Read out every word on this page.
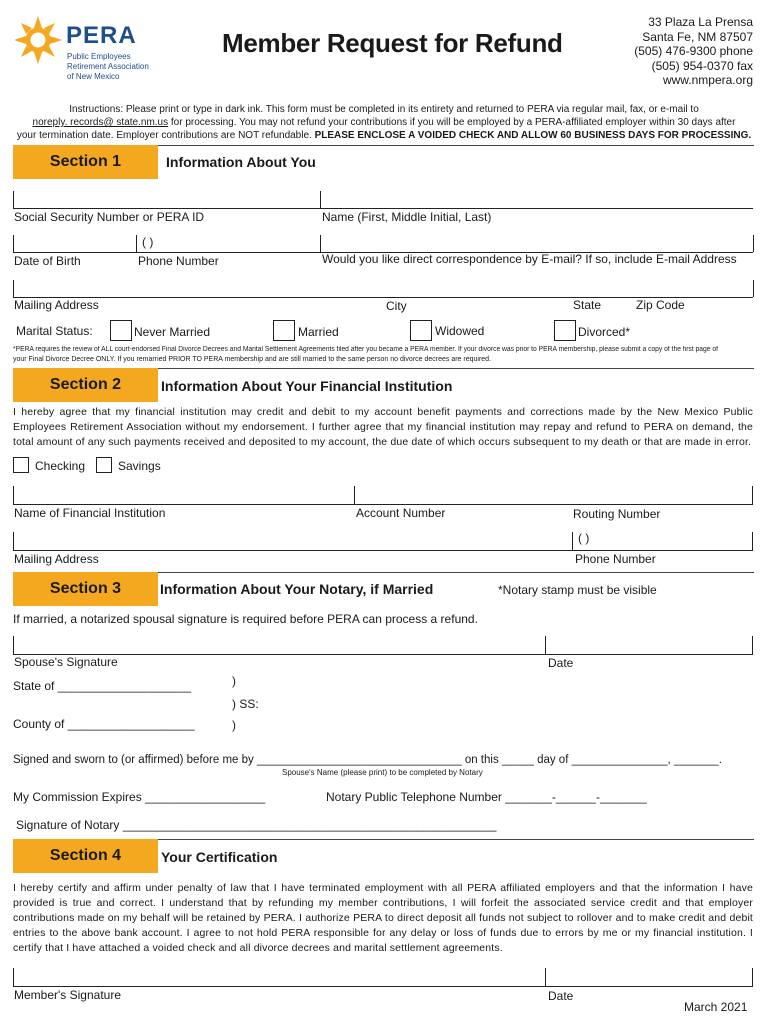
PERA
Public Employees
Retirement Association
of New Mexico
Member Request for Refund
33 Plaza La Prensa
Santa Fe, NM 87507
(505) 476-9300 phone
(505) 954-0370 fax
www.nmpera.org
Instructions: Please print or type in dark ink. This form must be completed in its entirety and returned to PERA via regular mail, fax, or e-mail to
noreply. records@ state.nm.us for processing. You may not refund your contributions if you will be employed by a PERA-affiliated employer within 30 days after
your termination date. Employer contributions are NOT refundable. PLEASE ENCLOSE A VOIDED CHECK AND ALLOW 60 BUSINESS DAYS FOR PROCESSING.
Section 1	Information About You
Social Security Number or PERA ID	Name (First, Middle Initial, Last)
( )
Date of Birth	Phone Number	Would you like direct correspondence by E-mail? If so, include E-mail Address
Mailing Address	City	State	Zip Code
Marital Status:	Never Married	Married	Widowed	Divorced*
*PERA requires the review of ALL court-endorsed Final Divorce Decrees and Marital Settlement Agreements filed after you became a PERA member. If your divorce was prior to PERA membership, please submit a copy of the first page of
your Final Divorce Decree ONLY. If you remarried PRIOR TO PERA membership and are still married to the same person no divorce decrees are required.
Section 2	Information About Your Financial Institution
I hereby agree that my financial institution may credit and debit to my account benefit payments and corrections made by the New Mexico Public Employees Retirement Association without my endorsement. I further agree that my financial institution may repay and refund to PERA on demand, the total amount of any such payments received and deposited to my account, the due date of which occurs subsequent to my death or that are made in error.
Checking	Savings
Name of Financial Institution	Account Number	Routing Number
( )
Mailing Address	Phone Number
Section 3	Information About Your Notary, if Married	*Notary stamp must be visible
If married, a notarized spousal signature is required before PERA can process a refund.
Spouse's Signature	Date
State of ____________________	)
) SS:
)
County of ___________________
Signed and sworn to (or affirmed) before me by ________________________________ on this _____ day of _______________, _______.
Spouse's Name (please print) to be completed by Notary
My Commission Expires __________________	Notary Public Telephone Number _______-______-_______
Signature of Notary ________________________________________________________
Section 4	Your Certification
I hereby certify and affirm under penalty of law that I have terminated employment with all PERA affiliated employers and that the information I have provided is true and correct. I understand that by refunding my member contributions, I will forfeit the associated service credit and that employer contributions made on my behalf will be retained by PERA. I authorize PERA to direct deposit all funds not subject to rollover and to make credit and debit entries to the above bank account. I agree to not hold PERA responsible for any delay or loss of funds due to errors by me or my financial institution. I certify that I have attached a voided check and all divorce decrees and marital settlement agreements.
Member's Signature	Date
March 2021
